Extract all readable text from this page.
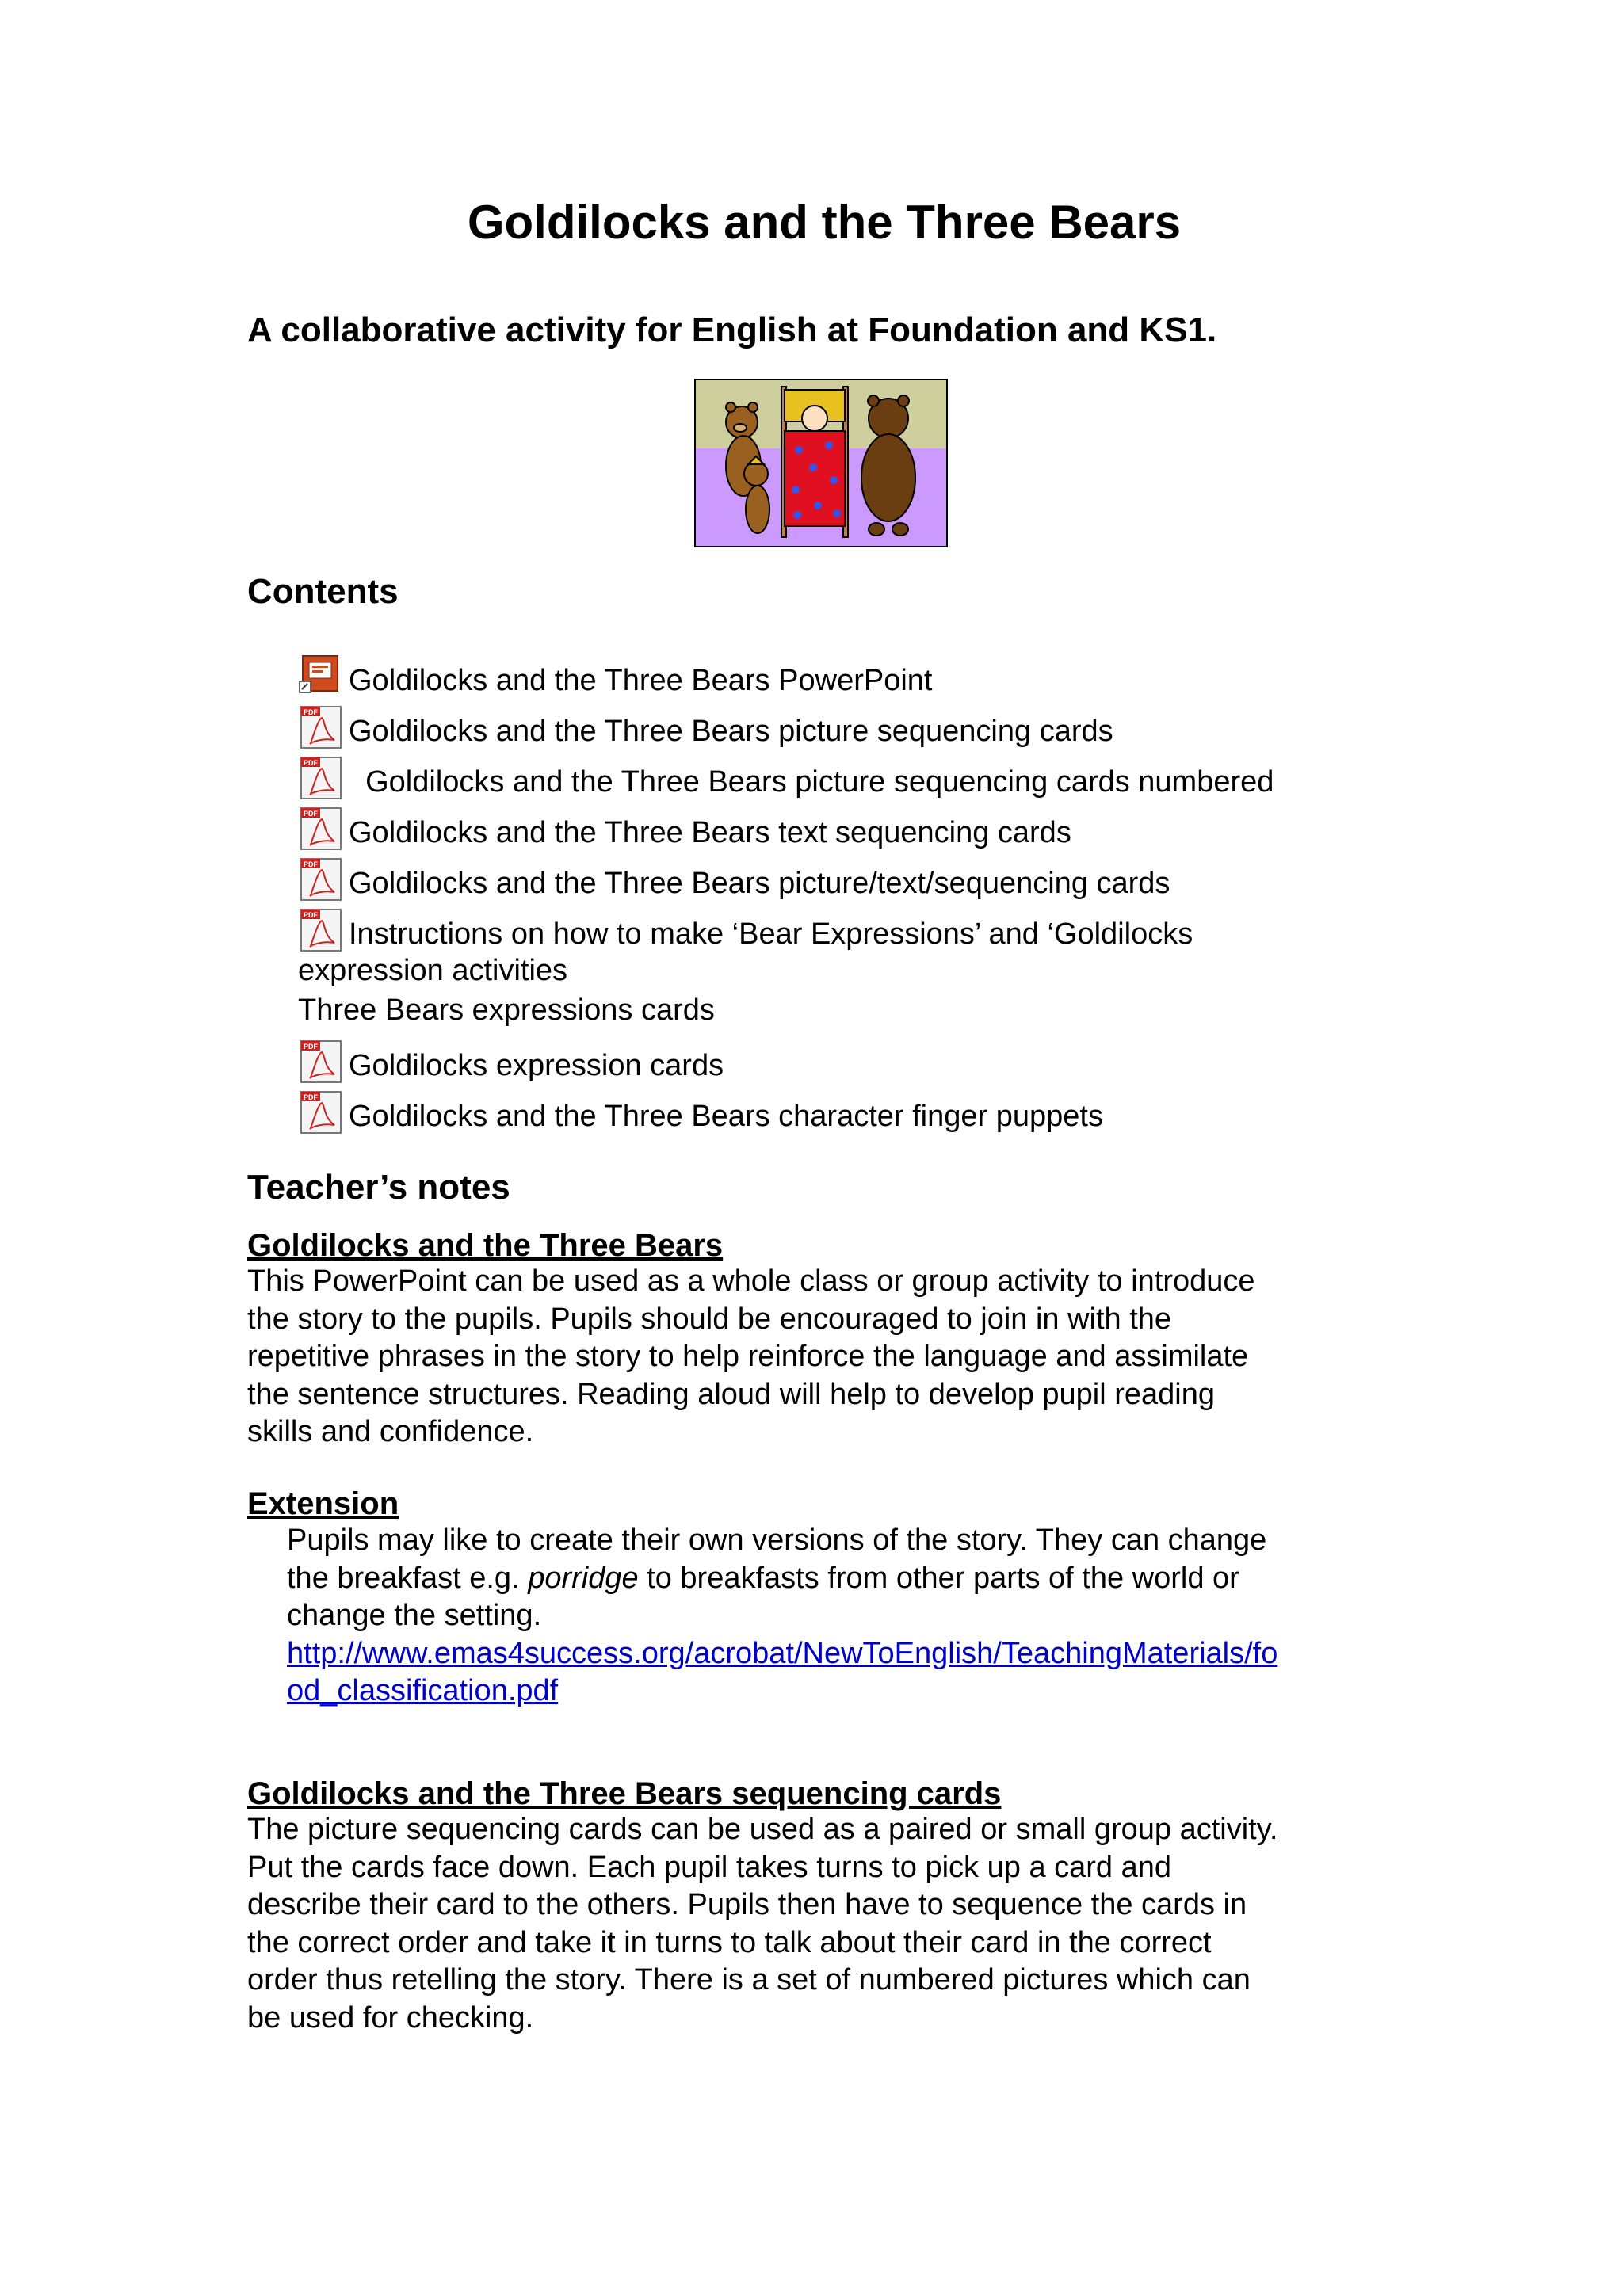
Goldilocks and the Three Bears
A collaborative activity for English at Foundation and KS1.
Contents
Goldilocks and the Three Bears PowerPoint
PDF
Goldilocks and the Three Bears picture sequencing cards
PDF
Goldilocks and the Three Bears picture sequencing cards numbered
PDF
Goldilocks and the Three Bears text sequencing cards
PDF
Goldilocks and the Three Bears picture/text/sequencing cards
PDF
Instructions on how to make ‘Bear Expressions’ and ‘Goldilocks
expression activities
Three Bears expressions cards
PDF
Goldilocks expression cards
PDF
Goldilocks and the Three Bears character finger puppets
Teacher’s notes
Goldilocks and the Three Bears
This PowerPoint can be used as a whole class or group activity to introduce
the story to the pupils. Pupils should be encouraged to join in with the
repetitive phrases in the story to help reinforce the language and assimilate
the sentence structures. Reading aloud will help to develop pupil reading
skills and confidence.
Extension
Pupils may like to create their own versions of the story. They can change
the breakfast e.g. porridge to breakfasts from other parts of the world or
change the setting.
http://www.emas4success.org/acrobat/NewToEnglish/TeachingMaterials/fo
od_classification.pdf
Goldilocks and the Three Bears sequencing cards
The picture sequencing cards can be used as a paired or small group activity.
Put the cards face down. Each pupil takes turns to pick up a card and
describe their card to the others. Pupils then have to sequence the cards in
the correct order and take it in turns to talk about their card in the correct
order thus retelling the story. There is a set of numbered pictures which can
be used for checking.
